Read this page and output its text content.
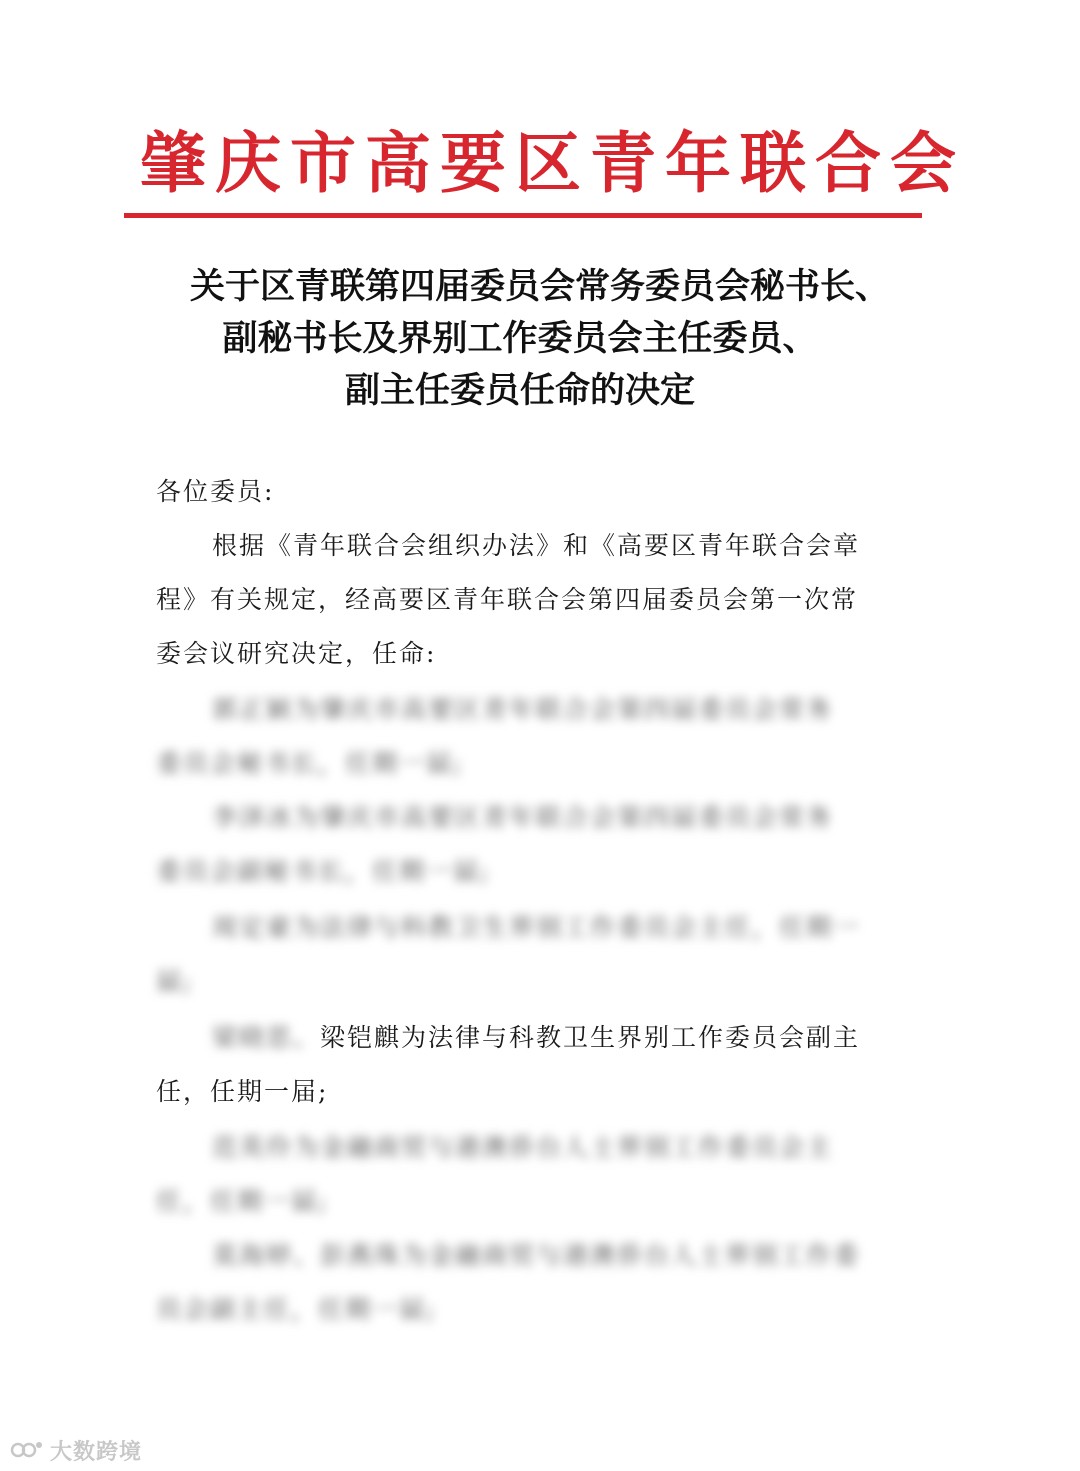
肇庆市高要区青年联合会
关于区青联第四届委员会常务委员会秘书长、
副秘书长及界别工作委员会主任委员、
副主任委员任命的决定
各位委员:
根据《青年联合会组织办法》和《高要区青年联合会章
程》有关规定，经高要区青年联合会第四届委员会第一次常
委会议研究决定，任命:
郭正颖为肇庆市高要区青年联合会第四届委员会常务
委员会秘书长，任期一届;
李泽冰为肇庆市高要区青年联合会第四届委员会常务
委员会副秘书长，任期一届;
周定豪为法律与科教卫生界别工作委员会主任，任期一
届;
梁晓思、梁铠麒为法律与科教卫生界别工作委员会副主
任，任期一届;
范英伶为金融商贸与港澳侨台人士界别工作委员会主
任，任期一届;
莫海婷、彭燕珠为金融商贸与港澳侨台人士界别工作委
员会副主任，任期一届;
大数跨境
